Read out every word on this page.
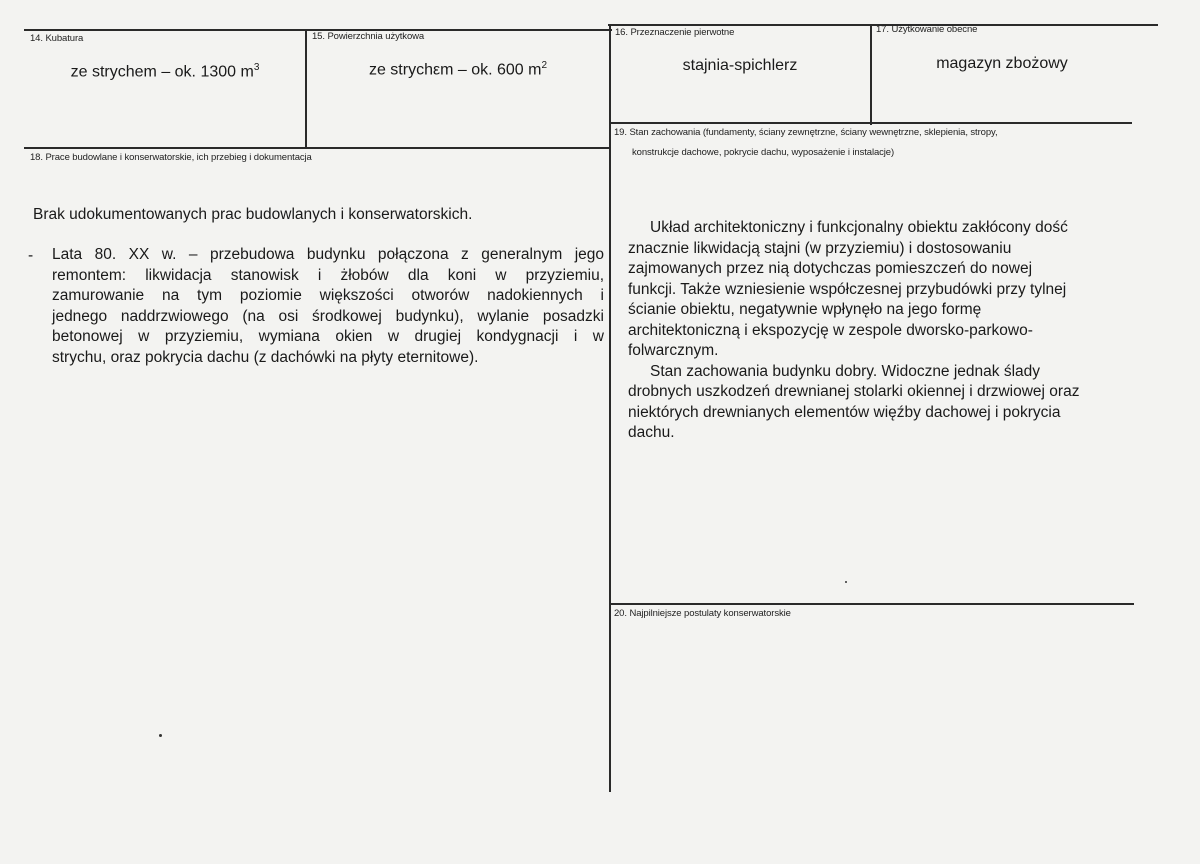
14. Kubatura
ze strychem – ok. 1300 $m^3$
15. Powierzchnia użytkowa
ze strychεm – ok. 600 $m^2$
16. Przeznaczenie pierwotne
stajnia-spichlerz
17. Użytkowanie obecne
magazyn zbożowy
18. Prace budowlane i konserwatorskie, ich przebieg i dokumentacja
Brak udokumentowanych prac budowlanych i konserwatorskich.
- Lata 80. XX w. – przebudowa budynku połączona z generalnym jego
remontem: likwidacja stanowisk i żłobów dla koni w przyziemiu,
zamurowanie na tym poziomie większości otworów nadokiennych i
jednego naddrzwiowego (na osi środkowej budynku), wylanie posadzki
betonowej w przyziemiu, wymiana okien w drugiej kondygnacji i w
strychu, oraz pokrycia dachu (z dachówki na płyty eternitowe).
19. Stan zachowania (fundamenty, ściany zewnętrzne, ściany wewnętrzne, sklepienia, stropy,
konstrukcje dachowe, pokrycie dachu, wyposażenie i instalacje)
Układ architektoniczny i funkcjonalny obiektu zakłócony dość
znacznie likwidacją stajni (w przyziemiu) i dostosowaniu
zajmowanych przez nią dotychczas pomieszczeń do nowej
funkcji. Także wzniesienie współczesnej przybudówki przy tylnej
ścianie obiektu, negatywnie wpłynęło na jego formę
architektoniczną i ekspozycję w zespole dworsko-parkowo-
folwarcznym.
Stan zachowania budynku dobry. Widoczne jednak ślady
drobnych uszkodzeń drewnianej stolarki okiennej i drzwiowej oraz
niektórych drewnianych elementów więźby dachowej i pokrycia
dachu.
20. Najpilniejsze postulaty konserwatorskie
